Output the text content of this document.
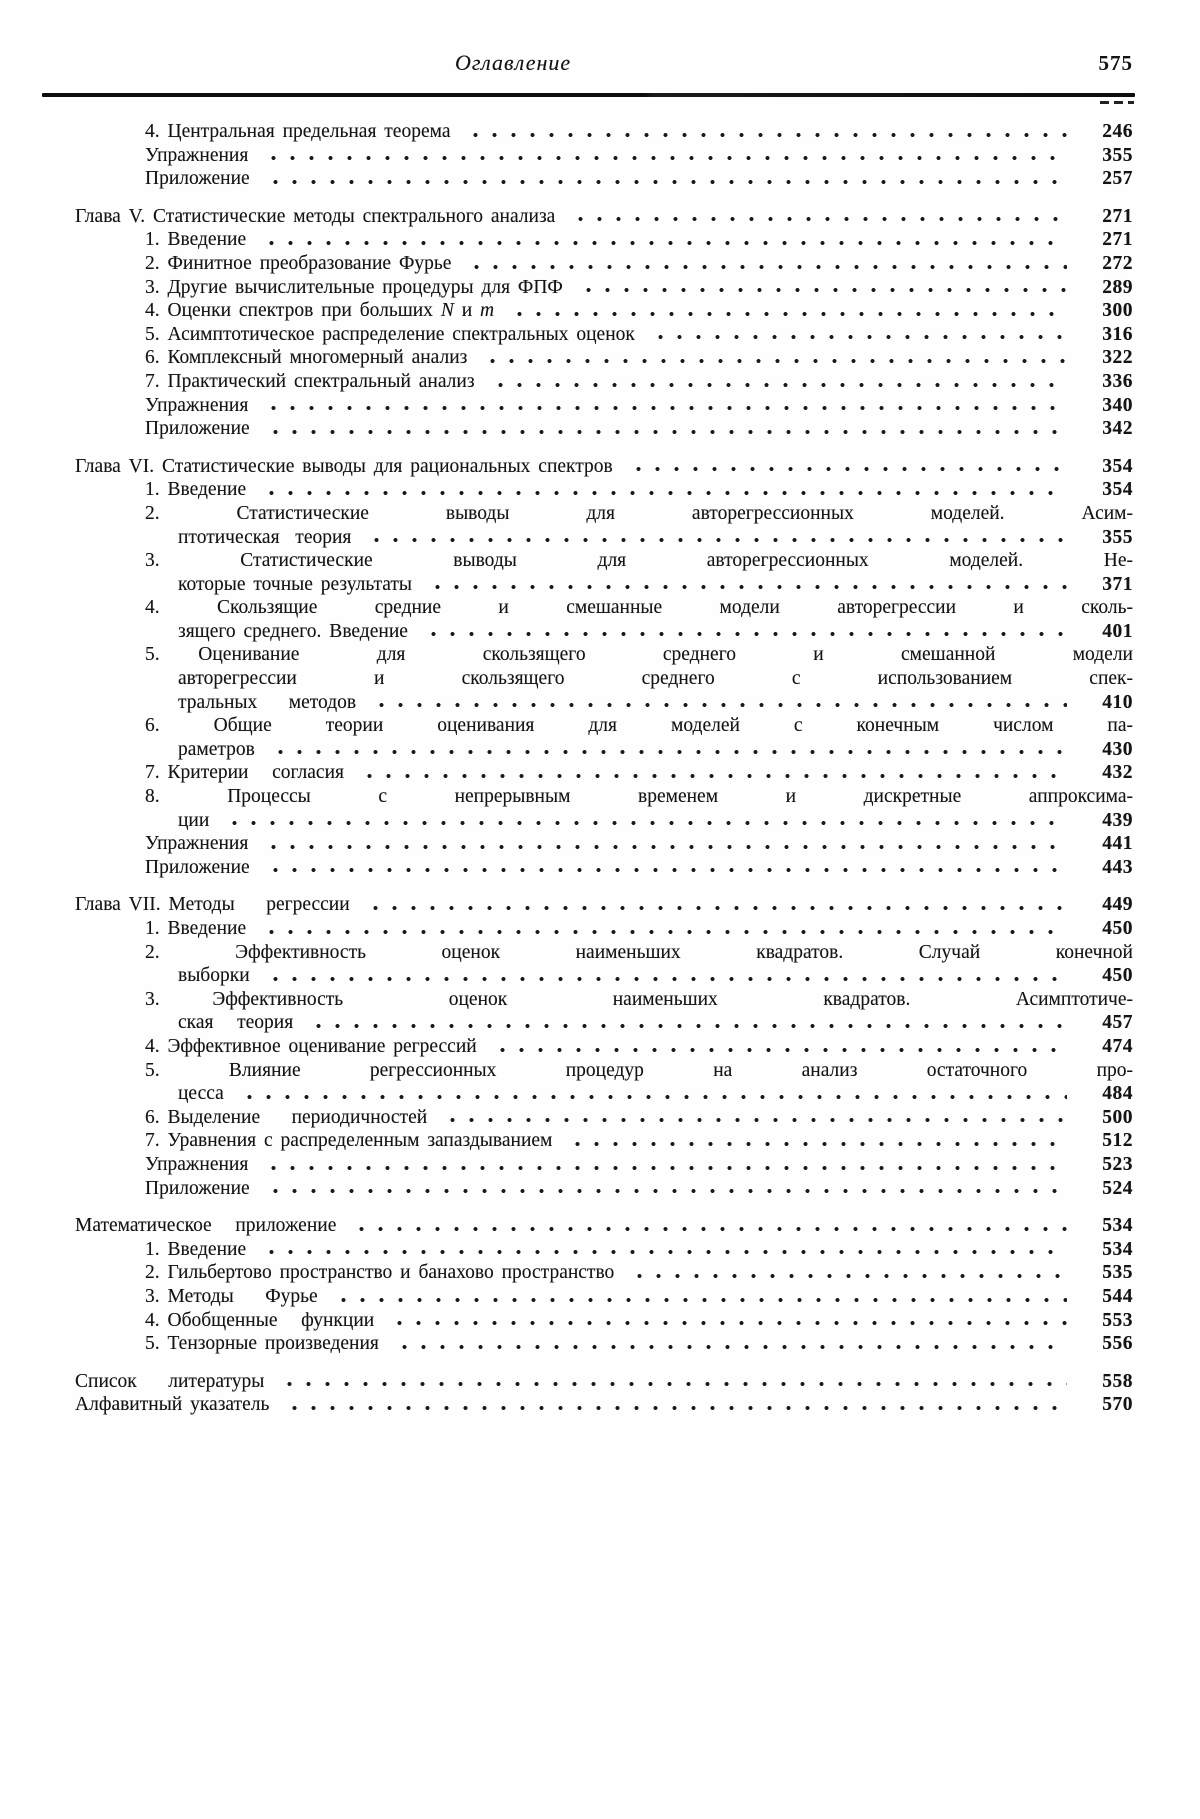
Оглавление	575
4. Центральная предельная теорема	246
Упражнения	355
Приложение	257
Глава V. Статистические методы спектрального анализа	271
1. Введение	271
2. Финитное преобразование Фурье	272
3. Другие вычислительные процедуры для ФПФ	289
4. Оценки спектров при больших N и m	300
5. Асимптотическое распределение спектральных оценок	316
6. Комплексный многомерный анализ	322
7. Практический спектральный анализ	336
Упражнения	340
Приложение	342
Глава VI. Статистические выводы для рациональных спектров	354
1. Введение	354
2. Статистические выводы для авторегрессионных моделей. Асим-
птотическая  теория	355
3. Статистические выводы для авторегрессионных моделей. Не-
которые точные результаты	371
4. Скользящие средние и смешанные модели авторегрессии и сколь-
зящего среднего. Введение	401
5. Оценивание  для  скользящего  среднего  и  смешанной  модели
авторегрессии и скользящего среднего с использованием спек-
тральных    методов	410
6. Общие теории оценивания для моделей с конечным числом па-
раметров	430
7. Критерии   согласия	432
8. Процессы с непрерывным временем и дискретные аппроксима-
ции	439
Упражнения	441
Приложение	443
Глава VII. Методы    регрессии	449
1. Введение	450
2. Эффективность оценок наименьших квадратов. Случай конечной
выборки	450
3. Эффективность  оценок  наименьших  квадратов.  Асимптотиче-
ская   теория	457
4. Эффективное оценивание регрессий	474
5. Влияние регрессионных процедур на анализ остаточного про-
цесса	484
6. Выделение    периодичностей	500
7. Уравнения с распределенным запаздыванием	512
Упражнения	523
Приложение	524
Математическое   приложение	534
1. Введение	534
2. Гильбертово пространство и банахово пространство	535
3. Методы    Фурье	544
4. Обобщенные   функции	553
5. Тензорные произведения	556
Список    литературы	558
Алфавитный указатель	570
